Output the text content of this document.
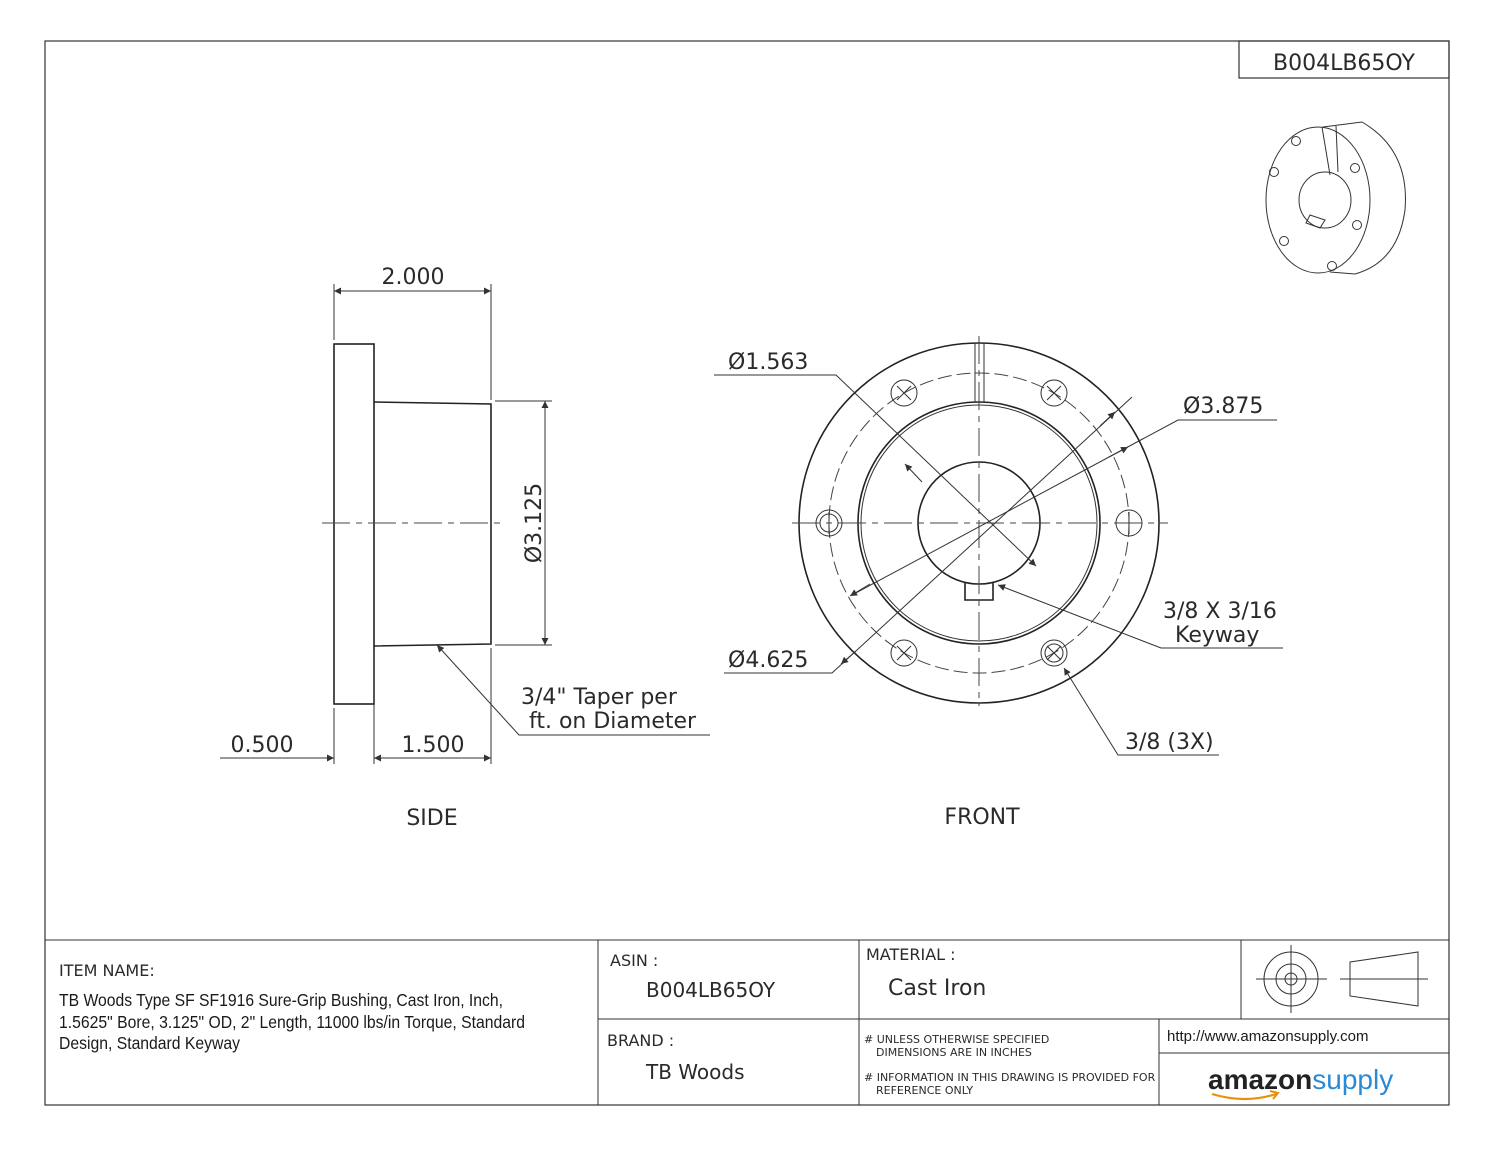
B004LB65OY
2.000
Ø3.125
0.500	1.500
3/4" Taper per
ft. on Diameter
SIDE
Ø1.563
Ø3.875
Ø4.625
3/8 X 3/16
Keyway
3/8 (3X)
FRONT
ITEM NAME:
TB Woods Type SF SF1916 Sure-Grip Bushing, Cast Iron, Inch,
1.5625" Bore, 3.125" OD, 2" Length, 11000 lbs/in Torque, Standard
Design, Standard Keyway
ASIN :
B004LB65OY
BRAND :
TB Woods
MATERIAL :
Cast Iron
# UNLESS OTHERWISE SPECIFIED
DIMENSIONS ARE IN INCHES
# INFORMATION IN THIS DRAWING IS PROVIDED FOR
REFERENCE ONLY
http://www.amazonsupply.com
amazonsupply
